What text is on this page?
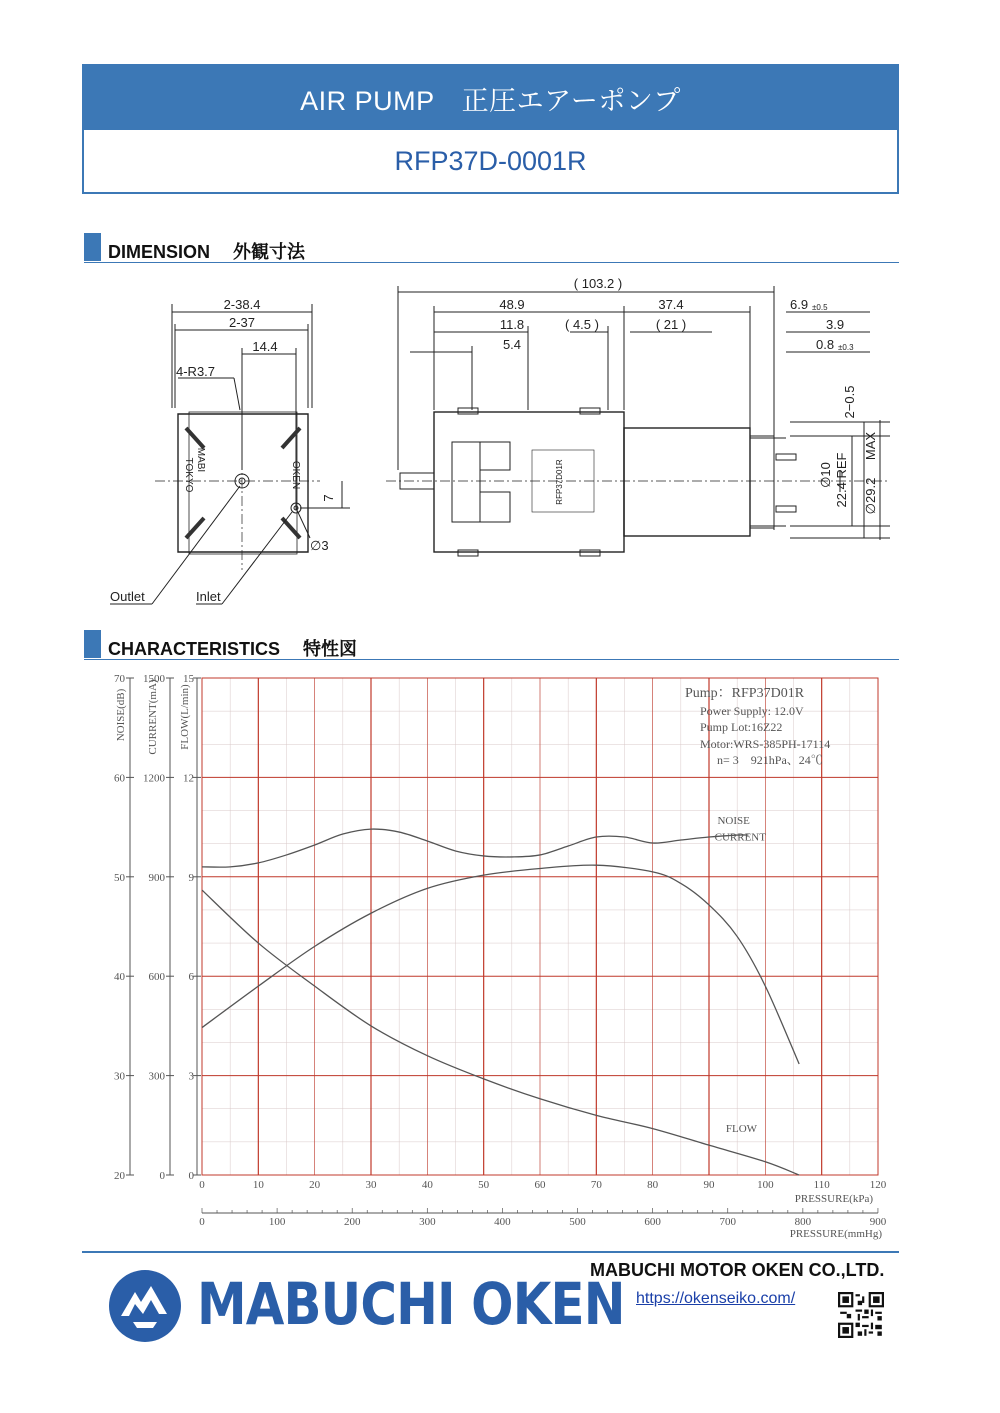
AIR PUMP　正圧エアーポンプ
RFP37D-0001R
DIMENSION　 外観寸法
2-38.4
2-37
14.4
4-R3.7
7
∅3
Outlet	Inlet
( 103.2 )
48.9	37.4	6.9 ±0.5
11.8	( 4.5 )	( 21 )	3.9
5.4	0.8 ±0.3
2−0.5
∅10 22.4 REF ∅29.2
MAX
TOKYO MABI
OKEN	RFP37D01R
CHARACTERISTICS　 特性図
70
60
50
40
30
20
1500
1200
900
600
300
0
15
12
9
6
3
0
0	10	20	30	40	50	60	70	80	90	100	110	120
0	100	200	300	400	500	600	700	800	900
NOISE
CURRENT
FLOW
Pump：RFP37D01R
Power Supply: 12.0V
Pump Lot:16Z22
Motor:WRS-385PH-17114
n= 3　921hPa、24℃
NOISE(dB) CURRENT(mA) FLOW(L/min)
PRESSURE(kPa)
PRESSURE(mmHg)
MABUCHI OKEN
MABUCHI MOTOR OKEN CO.,LTD.
https://okenseiko.com/
